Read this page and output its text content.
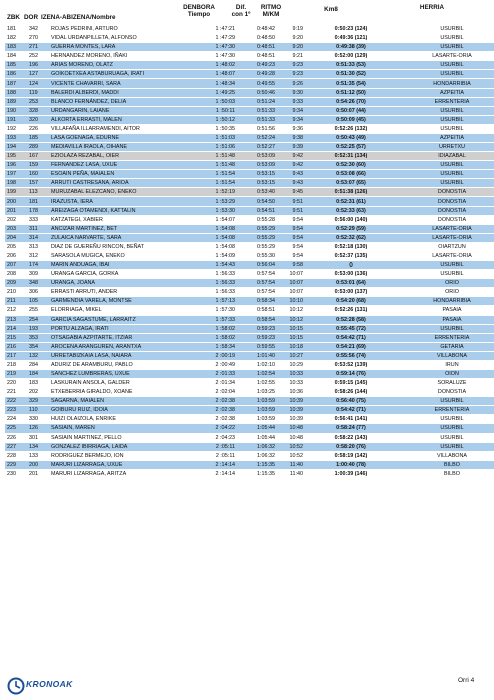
ZBK DOR IZENA-ABIZENA/Nombre
DENBORA
Tiempo
Dif.
con 1º
RITMO
M/KM
Km8	HERRIA
181	342	ROJAS PEDRINI, ARTURO	1 :47:21	0:48:42	9:19	0:50:23 (124)	USURBIL
182	270	VIDAL URDANPILLETA, ALFONSO	1 :47:29	0:48:50	9:20	0:49:36 (121)	USURBIL
183	271	GUERRA MONTES, LARA	1 :47:30	0:48:51	9:20	0:49:38 (39)	USURBIL
184	252	HERNANDEZ MORENO, IÑAKI	1 :47:30	0:48:51	9:21	0:52:00 (129)	LASARTE-ORIA
185	196	ARIAS MORENO, OLATZ	1 :48:02	0:49:23	9:23	0:51:33 (53)	USURBIL
186	127	GOIKOETXEA ASTABURUAGA, IRATI	1 :48:07	0:49:28	9:23	0:51:30 (52)	USURBIL
187	124	VICENTE CHAVARRI, SARA	1 :48:34	0:49:55	9:26	0:51:35 (54)	HONDARRIBIA
188	119	BALERDI ALBERDI, MADDI	1 :49:25	0:50:46	9:30	0:51:12 (50)	AZPEITIA
189	253	BLANCO FERNÁNDEZ, DELIA	1 :50:03	0:51:24	9:33	0:54:26 (70)	ERRENTERIA
190	328	URDANGARIN, LAIANE	1 :50:11	0:51:33	9:34	0:50:07 (44)	USURBIL
191	320	ALKORTA ERRASTI, MALEN	1 :50:12	0:51:33	9:34	0:50:09 (45)	USURBIL
192	226	VILLAFAÑA ILLARRAMENDI, AITOR	1 :50:35	0:51:56	9:36	0:52:26 (132)	USURBIL
193	185	LASA GOENAGA, EDURNE	1 :51:03	0:52:24	9:38	0:50:43 (49)	AZPEITIA
194	289	MEDIAVILLA IRAOLA, OIHANE	1 :51:06	0:52:27	9:39	0:52:25 (57)	URRETXU
195	167	EZIOLAZA REZABAL, OIER	1 :51:48	0:53:09	9:42	0:52:31 (134)	IDIAZABAL
196	159	FERNANDEZ LASA, UXUE	1 :51:48	0:53:09	9:42	0:52:30 (60)	USURBIL
197	160	ESOAIN PEÑA, MAIALEN	1 :51:54	0:53:15	9:43	0:53:08 (66)	USURBIL
198	157	ARRUTI CASTRESANA, ARIOA	1 :51:54	0:53:15	9:43	0:53:07 (65)	USURBIL
199	113	MURUZABAL ELEZCANO, ENEKO	1 :52:19	0:53:40	9:45	0:51:38 (126)	DONOSTIA
200	181	IRAZUSTA, IERA	1 :53:29	0:54:50	9:51	0:52:31 (61)	DONOSTIA
201	178	AREIZAGA OTAMENDI, KATTALIN	1 :53:30	0:54:51	9:51	0:52:33 (63)	DONOSTIA
202	333	KATZATEGI, XABIER	1 :54:07	0:55:28	9:54	0:56:00 (140)	DONOSTIA
203	311	ANCIZAR MARTINEZ, BET	1 :54:08	0:55:29	9:54	0:52:29 (59)	LASARTE-ORIA
204	314	ZULAICA NARVARTE, SARA	1 :54:08	0:55:29	9:54	0:52:32 (62)	LASARTE-ORIA
205	313	DIAZ DE GUEREÑU RINCON, BEÑAT	1 :54:08	0:55:29	9:54	0:52:18 (130)	OIARTZUN
206	312	SARASOLA MUGICA, ENEKO	1 :54:09	0:55:30	9:54	0:52:37 (135)	LASARTE-ORIA
207	174	MARIN ANDUAGA, IBAI	1 :54:43	0:56:04	9:58	()	USURBIL
208	309	URANGA GARCIA, GORKA	1 :56:33	0:57:54	10:07	0:53:00 (136)	USURBIL
209	348	URANGA, JOANA	1 :56:33	0:57:54	10:07	0:53:01 (64)	ORIO
210	306	ERRASTI ARRUTI, ANDER	1 :56:33	0:57:54	10:07	0:53:00 (137)	ORIO
211	105	GARMENDIA VARELA, MONTSE	1 :57:13	0:58:34	10:10	0:54:20 (68)	HONDARRIBIA
212	255	ELORRIAGA, MIKEL	1 :57:30	0:58:51	10:12	0:52:26 (131)	PASAIA
213	254	GARCIA SAGASTUME, LARRAITZ	1 :57:33	0:58:54	10:12	0:52:28 (58)	PASAIA
214	193	PORTU ALZAGA, IRATI	1 :58:02	0:59:23	10:15	0:55:45 (72)	USURBIL
215	353	OTSAGABIA AZPITARTE, ITZIAR	1 :58:02	0:59:23	10:15	0:54:42 (71)	ERRENTERIA
216	354	AROCENA ARANGUREN, ARANTXA	1 :58:34	0:59:55	10:18	0:54:21 (69)	GETARIA
217	132	URRETABIZKAIA LASA, NAIARA	2 :00:19	1:01:40	10:27	0:55:56 (74)	VILLABONA
218	284	ADURIZ DE ARAMBURU, PABLO	2 :00:49	1:02:10	10:29	0:53:52 (139)	IRUN
219	184	SANCHEZ LUMBRERAS, UXUE	2 :01:33	1:02:54	10:33	0:59:14 (76)	OION
220	183	LASKURAIN ANSOLA, GALDER	2 :01:34	1:02:55	10:33	0:59:15 (145)	SORALUZE
221	202	ETXEBERRIA GIRALDO, XOANE	2 :02:04	1:03:25	10:36	0:58:26 (144)	DONOSTIA
222	329	SAGARNA, MAIALEN	2 :02:38	1:03:59	10:39	0:56:40 (75)	USURBIL
223	110	GOIBURU RUIZ, IDOIA	2 :02:38	1:03:59	10:39	0:54:42 (71)	ERRENTERIA
224	330	HUIZI OLAIZOLA, ENRIKE	2 :02:38	1:03:59	10:39	0:56:41 (141)	USURBIL
225	126	SASIAIN, MAREN	2 :04:22	1:05:44	10:48	0:58:24 (77)	USURBIL
226	301	SASIAIN MARTINEZ, PELLO	2 :04:23	1:05:44	10:48	0:58:22 (143)	USURBIL
227	134	GONZALEZ IBIRRIAGA, LAIDA	2 :05:11	1:06:32	10:52	0:58:20 (76)	USURBIL
228	133	RODRIGUEZ BERMEJO, ION	2 :05:11	1:06:32	10:52	0:58:19 (142)	VILLABONA
229	200	MARURI LIZARRAGA, UXUE	2 :14:14	1:15:35	11:40	1:00:40 (78)	BILBO
230	201	MARURI LIZARRAGA, ARITZA	2 :14:14	1:15:35	11:40	1:00:39 (146)	BILBO
KRONOAK	Orri 4
